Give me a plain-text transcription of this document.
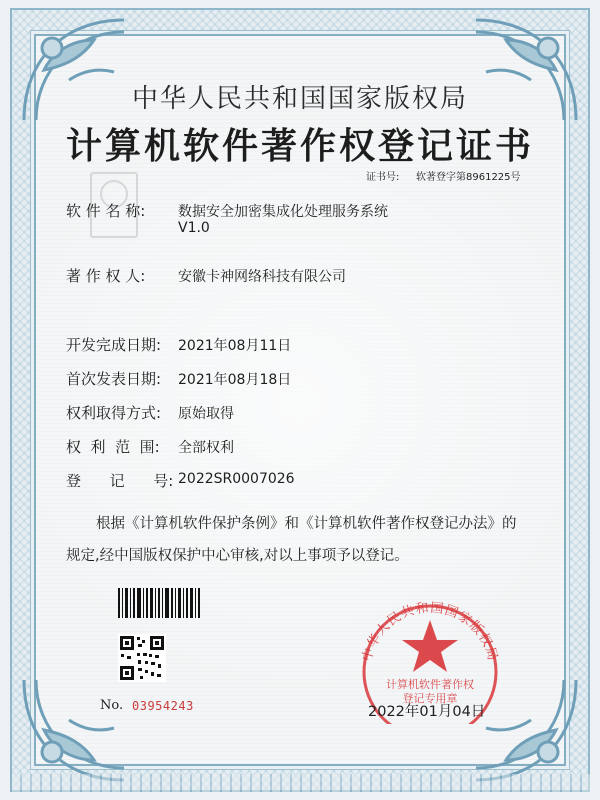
中华人民共和国国家版权局
计算机软件著作权登记证书
证书号: 软著登字第8961225号
软 件 名 称: 数据安全加密集成化处理服务系统
V1.0
著 作 权 人: 安徽卡神网络科技有限公司
开发完成日期: 2021年08月11日
首次发表日期: 2021年08月18日
权利取得方式: 原始取得
权  利  范  围: 全部权利
登      记      号: 2022SR0007026
根据《计算机软件保护条例》和《计算机软件著作权登记办法》的
规定,经中国版权保护中心审核,对以上事项予以登记。
No. 03954243
中华人民共和国国家版权局
计算机软件著作权
登记专用章
2022年01月04日
